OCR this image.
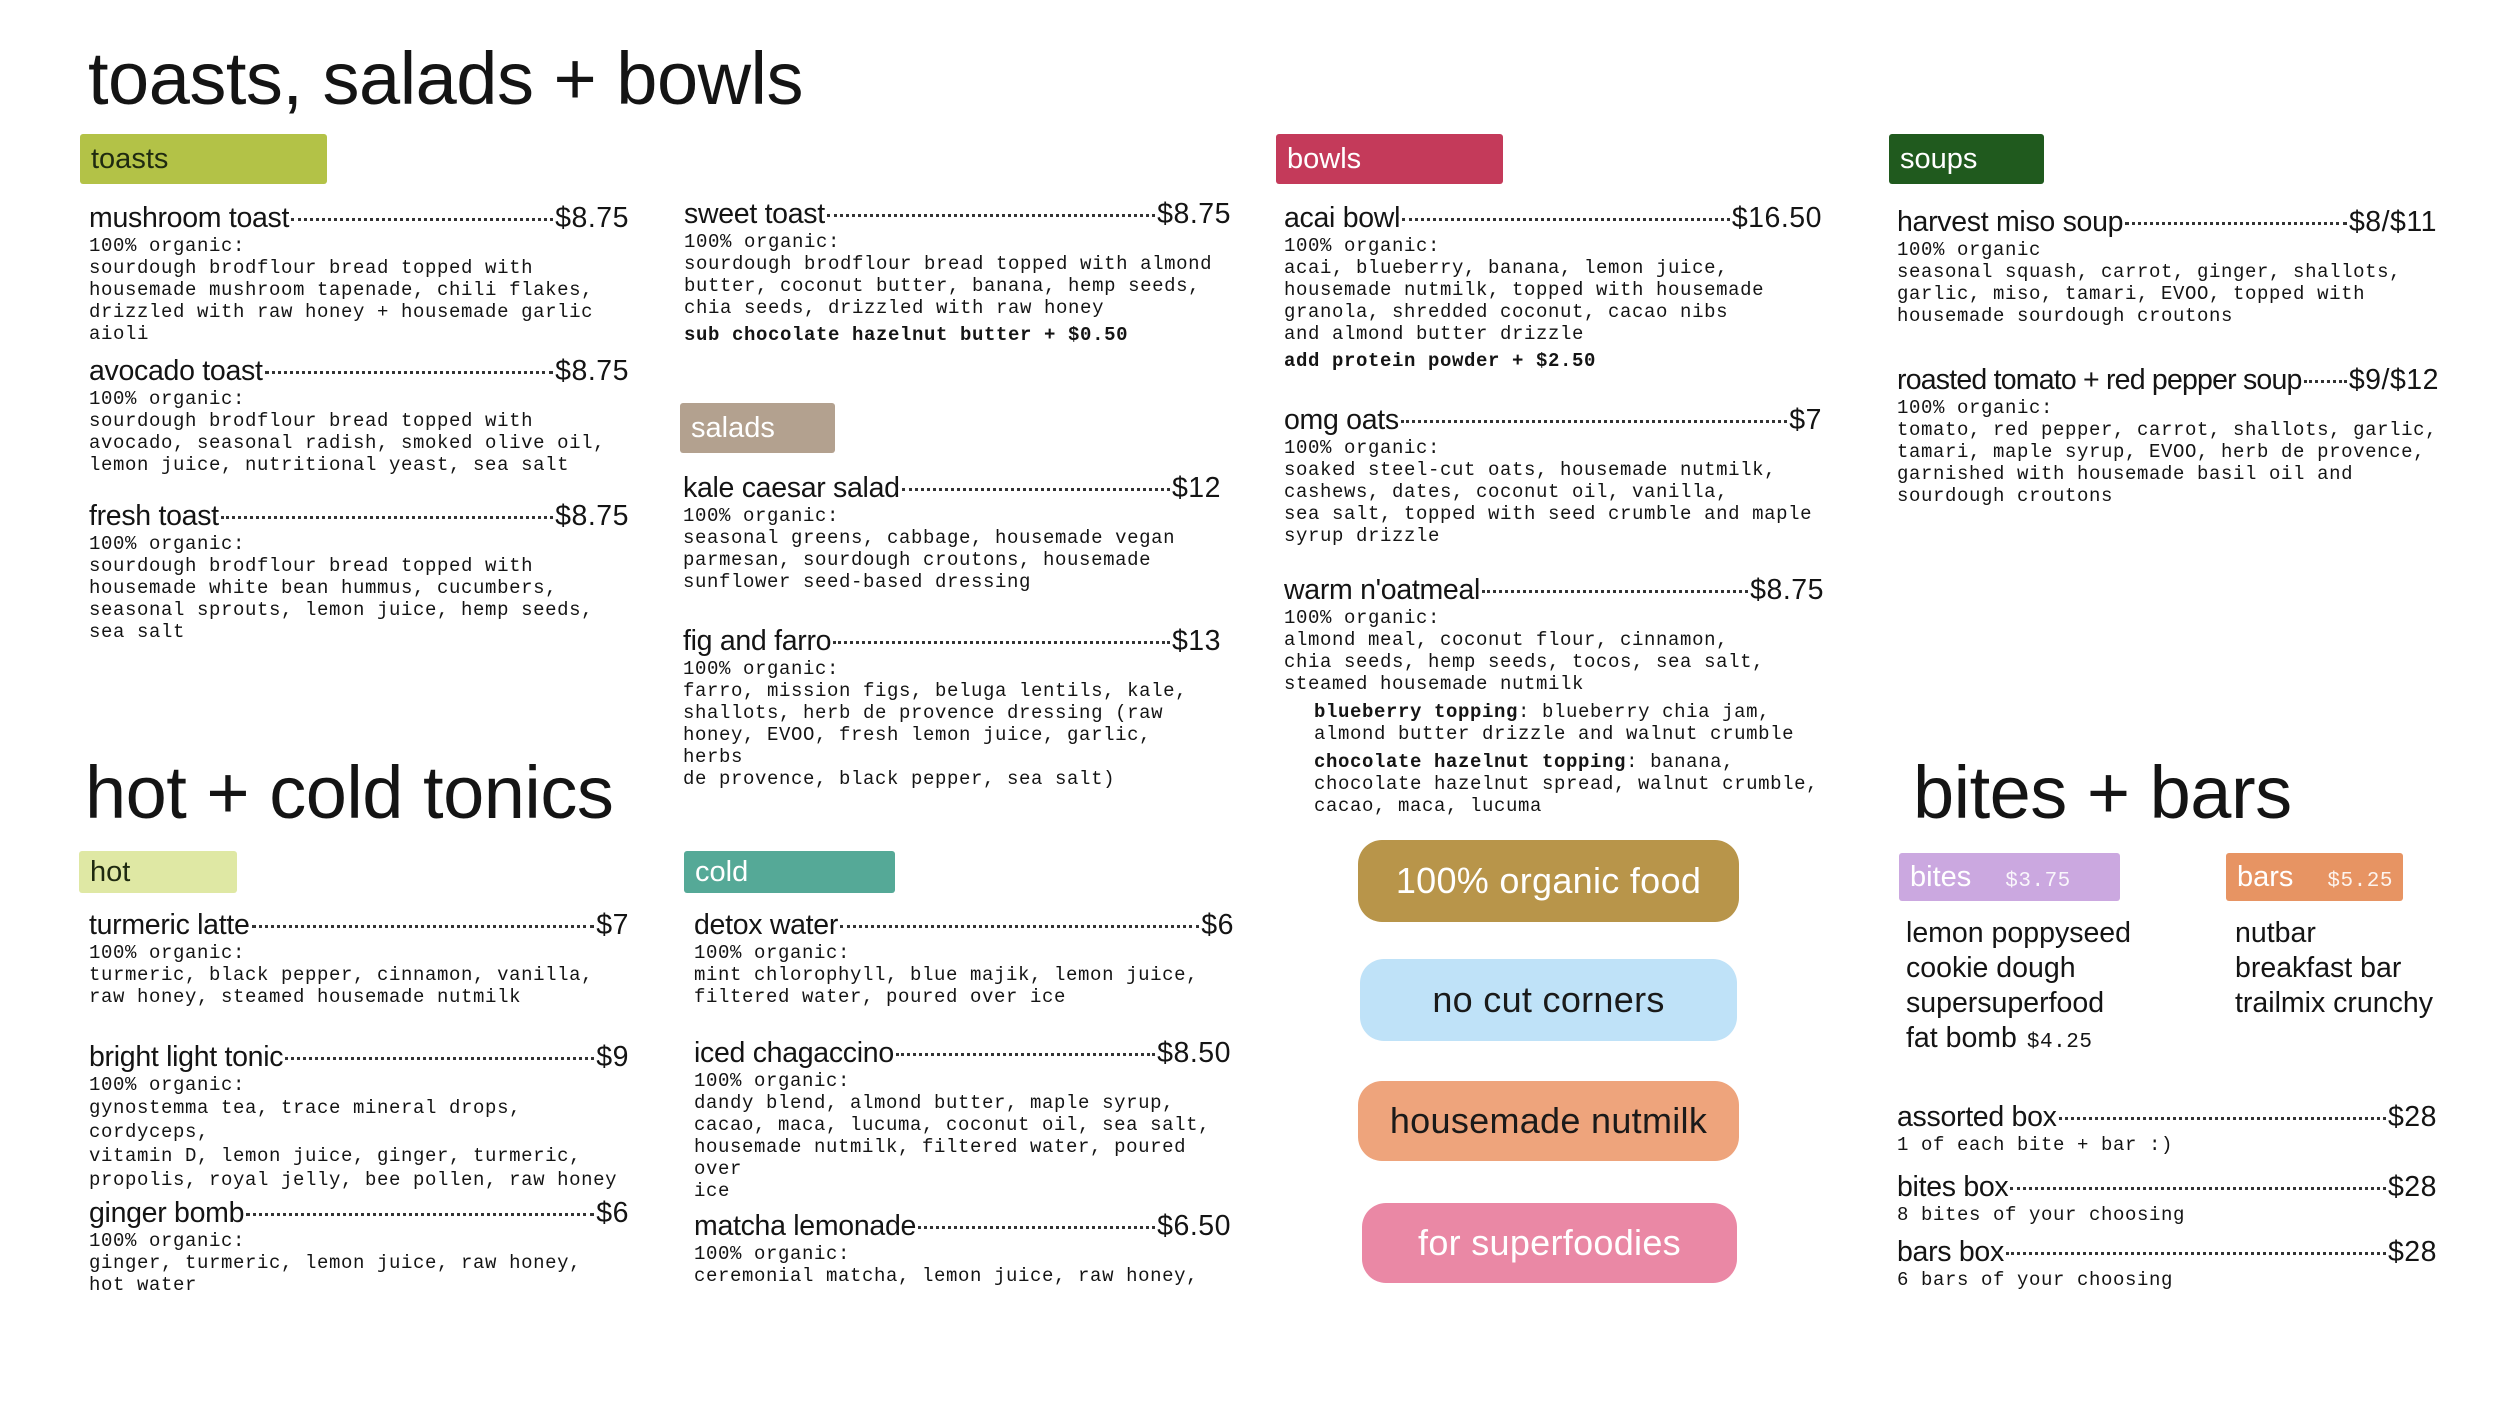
toasts, salads + bowls
hot + cold tonics	bites + bars
toasts
salads
bowls	soups
hot	cold	bites $3.75	bars $5.25
mushroom toast	$8.75
100% organic:
sourdough brodflour bread topped with
housemade mushroom tapenade, chili flakes,
drizzled with raw honey + housemade garlic
aioli
avocado toast	$8.75
100% organic:
sourdough brodflour bread topped with
avocado, seasonal radish, smoked olive oil,
lemon juice, nutritional yeast, sea salt
fresh toast	$8.75
100% organic:
sourdough brodflour bread topped with
housemade white bean hummus, cucumbers,
seasonal sprouts, lemon juice, hemp seeds,
sea salt
sweet toast	$8.75
100% organic:
sourdough brodflour bread topped with almond
butter, coconut butter, banana, hemp seeds,
chia seeds, drizzled with raw honey
sub chocolate hazelnut butter + $0.50
kale caesar salad	$12
100% organic:
seasonal greens, cabbage, housemade vegan
parmesan, sourdough croutons, housemade
sunflower seed-based dressing
fig and farro	$13
100% organic:
farro, mission figs, beluga lentils, kale,
shallots, herb de provence dressing (raw
honey, EVOO, fresh lemon juice, garlic, herbs
de provence, black pepper, sea salt)
acai bowl	$16.50
100% organic:
acai, blueberry, banana, lemon juice,
housemade nutmilk, topped with housemade
granola, shredded coconut, cacao nibs
and almond butter drizzle
add protein powder + $2.50
omg oats	$7
100% organic:
soaked steel-cut oats, housemade nutmilk,
cashews, dates, coconut oil, vanilla,
sea salt, topped with seed crumble and maple
syrup drizzle
warm n'oatmeal	$8.75
100% organic:
almond meal, coconut flour, cinnamon,
chia seeds, hemp seeds, tocos, sea salt,
steamed housemade nutmilk
blueberry topping: blueberry chia jam,
almond butter drizzle and walnut crumble
chocolate hazelnut topping: banana,
chocolate hazelnut spread, walnut crumble,
cacao, maca, lucuma
harvest miso soup	$8/$11
100% organic
seasonal squash, carrot, ginger, shallots,
garlic, miso, tamari, EVOO, topped with
housemade sourdough croutons
roasted tomato + red pepper soup $9/$12
100% organic:
tomato, red pepper, carrot, shallots, garlic,
tamari, maple syrup, EVOO, herb de provence,
garnished with housemade basil oil and
sourdough croutons
turmeric latte	$7
100% organic:
turmeric, black pepper, cinnamon, vanilla,
raw honey, steamed housemade nutmilk
bright light tonic	$9
100% organic:
gynostemma tea, trace mineral drops, cordyceps,
vitamin D, lemon juice, ginger, turmeric,
propolis, royal jelly, bee pollen, raw honey
ginger bomb	$6
100% organic:
ginger, turmeric, lemon juice, raw honey,
hot water
detox water	$6
100% organic:
mint chlorophyll, blue majik, lemon juice,
filtered water, poured over ice
iced chagaccino	$8.50
100% organic:
dandy blend, almond butter, maple syrup,
cacao, maca, lucuma, coconut oil, sea salt,
housemade nutmilk, filtered water, poured over
ice
matcha lemonade	$6.50
100% organic:
ceremonial matcha, lemon juice, raw honey,
100% organic food
no cut corners
housemade nutmilk
for superfoodies
lemon poppyseed
cookie dough
supersuperfood
fat bomb $4.25
nutbar
breakfast bar
trailmix crunchy
assorted box	$28
1 of each bite + bar :)
bites box	$28
8 bites of your choosing
bars box	$28
6 bars of your choosing
